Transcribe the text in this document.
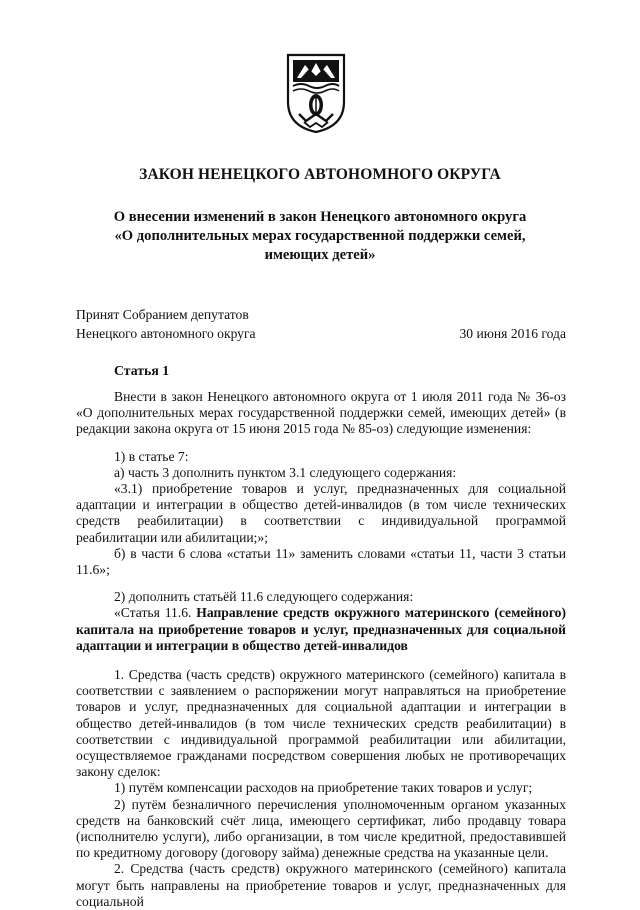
ЗАКОН НЕНЕЦКОГО АВТОНОМНОГО ОКРУГА
О внесении изменений в закон Ненецкого автономного округа
«О дополнительных мерах государственной поддержки семей,
имеющих детей»
Принят Собранием депутатов
Ненецкого автономного округа	30 июня 2016 года
Статья 1

Внести в закон Ненецкого автономного округа от 1 июля 2011 года № 36-оз «О дополнительных мерах государственной поддержки семей, имеющих детей» (в редакции закона округа от 15 июня 2015 года № 85-оз) следующие изменения:

1) в статье 7:

а) часть 3 дополнить пунктом 3.1 следующего содержания:

«3.1) приобретение товаров и услуг, предназначенных для социальной адаптации и интеграции в общество детей-инвалидов (в том числе технических средств реабилитации) в соответствии с индивидуальной программой реабилитации или абилитации;»;

б) в части 6 слова «статьи 11» заменить словами «статьи 11, части 3 статьи 11.6»;

2) дополнить статьёй 11.6 следующего содержания:

«Статья 11.6. Направление средств окружного материнского (семейного) капитала на приобретение товаров и услуг, предназначенных для социальной адаптации и интеграции в общество детей-инвалидов

1. Средства (часть средств) окружного материнского (семейного) капитала в соответствии с заявлением о распоряжении могут направляться на приобретение товаров и услуг, предназначенных для социальной адаптации и интеграции в общество детей-инвалидов (в том числе технических средств реабилитации) в соответствии с индивидуальной программой реабилитации или абилитации, осуществляемое гражданами посредством совершения любых не противоречащих закону сделок:

1) путём компенсации расходов на приобретение таких товаров и услуг;

2) путём безналичного перечисления уполномоченным органом указанных средств на банковский счёт лица, имеющего сертификат, либо продавцу товара (исполнителю услуги), либо организации, в том числе кредитной, предоставившей по кредитному договору (договору займа) денежные средства на указанные цели.

2. Средства (часть средств) окружного материнского (семейного) капитала могут быть направлены на приобретение товаров и услуг, предназначенных для социальной
